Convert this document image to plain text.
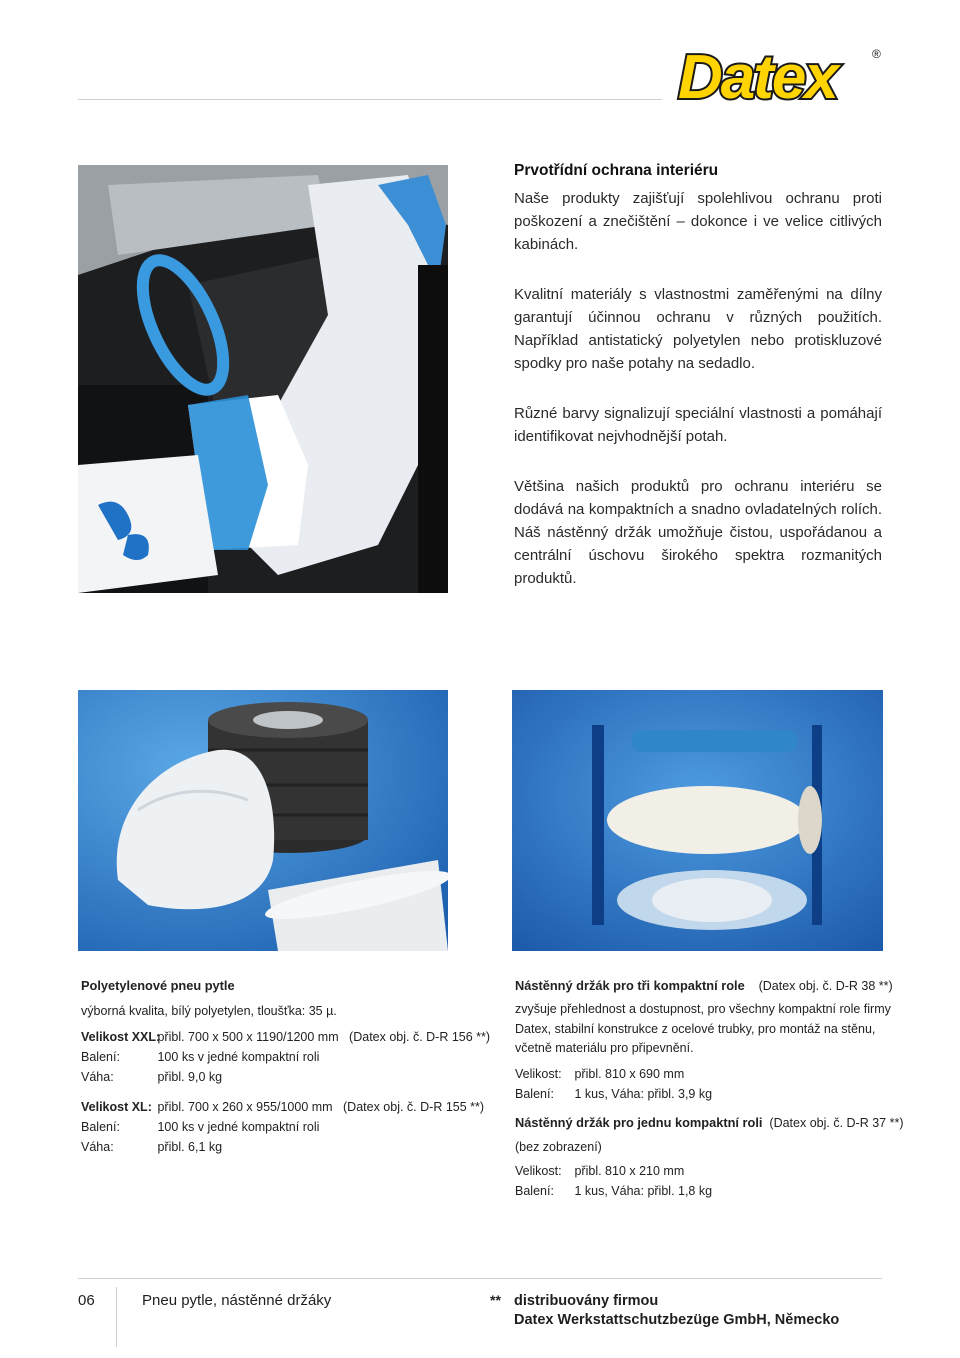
Datex	®
Prvotřídní ochrana interiéru

Naše produkty zajišťují spolehlivou ochranu proti poškození a znečištění – dokonce i ve velice citlivých kabinách.

Kvalitní materiály s vlastnostmi zaměřenými na dílny garantují účinnou ochranu v různých použitích. Například antistatický polyetylen nebo protiskluzové spodky pro naše potahy na sedadlo.

Různé barvy signalizují speciální vlastnosti a pomáhají identifikovat nejvhodnější potah.

Většina našich produktů pro ochranu interiéru se dodává na kompaktních a snadno ovladatelných rolích. Náš nástěnný držák umožňuje čistou, uspořádanou a centrální úschovu širokého spektra rozmanitých produktů.

Polyetylenové pneu pytle
výborná kvalita, bílý polyetylen, tloušťka: 35 µ.
Velikost XXL: přibl. 700 x 500 x 1190/1200 mm (Datex obj. č. D-R 156 **)
Balení:	100 ks v jedné kompaktní roli
Váha:	přibl. 9,0 kg
Velikost XL: přibl. 700 x 260 x 955/1000 mm (Datex obj. č. D-R 155 **)
Balení:	100 ks v jedné kompaktní roli
Váha:	přibl. 6,1 kg
Nástěnný držák pro tři kompaktní role (Datex obj. č. D-R 38 **)
zvyšuje přehlednost a dostupnost, pro všechny kompaktní role firmy Datex, stabilní konstrukce z ocelové trubky, pro montáž na stěnu, včetně materiálu pro připevnění.
Velikost: přibl. 810 x 690 mm
Balení: 1 kus, Váha: přibl. 3,9 kg
Nástěnný držák pro jednu kompaktní roli (Datex obj. č. D-R 37 **)
(bez zobrazení)
Velikost: přibl. 810 x 210 mm
Balení: 1 kus, Váha: přibl. 1,8 kg
06	Pneu pytle, nástěnné držáky	** distribuovány firmou
Datex Werkstattschutzbezüge GmbH, Německo
